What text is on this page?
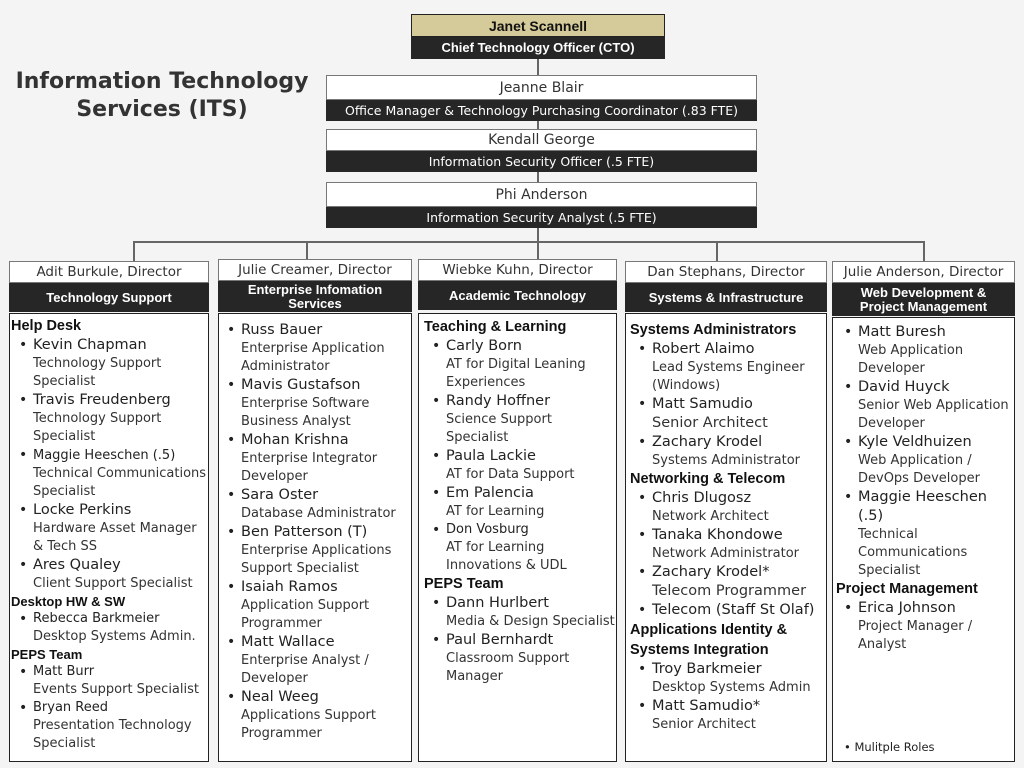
Information Technology Services (ITS)
Janet Scannell
Chief Technology Officer (CTO)
Jeanne Blair
Office Manager & Technology Purchasing Coordinator (.83 FTE)
Kendall George
Information Security Officer (.5 FTE)
Phi Anderson
Information Security Analyst (.5 FTE)
Adit Burkule, Director
Technology Support
Julie Creamer, Director
Enterprise Infomation Services
Wiebke Kuhn, Director
Academic Technology
Dan Stephans, Director
Systems & Infrastructure
Julie Anderson, Director
Web Development & Project Management
Help Desk
• Kevin Chapman
Technology Support Specialist
• Travis Freudenberg
Technology Support Specialist
• Maggie Heeschen (.5)
Technical Communications Specialist
• Locke Perkins
Hardware Asset Manager & Tech SS
• Ares Qualey
Client Support Specialist
Desktop HW & SW
• Rebecca Barkmeier
Desktop Systems Admin.
PEPS Team
• Matt Burr
Events Support Specialist
• Bryan Reed
Presentation Technology Specialist
• Russ Bauer
Enterprise Application Administrator
• Mavis Gustafson
Enterprise Software Business Analyst
• Mohan Krishna
Enterprise Integrator Developer
• Sara Oster
Database Administrator
• Ben Patterson (T)
Enterprise Applications Support Specialist
• Isaiah Ramos
Application Support Programmer
• Matt Wallace
Enterprise Analyst / Developer
• Neal Weeg
Applications Support Programmer
Teaching & Learning
• Carly Born
AT for Digital Leaning Experiences
• Randy Hoffner
Science Support Specialist
• Paula Lackie
AT for Data Support
• Em Palencia
AT for Learning
• Don Vosburg
AT for Learning Innovations & UDL
PEPS Team
• Dann Hurlbert
Media & Design Specialist
• Paul Bernhardt
Classroom Support Manager
Systems Administrators
• Robert Alaimo
Lead Systems Engineer (Windows)
• Matt Samudio
Senior Architect
• Zachary Krodel
Systems Administrator
Networking & Telecom
• Chris Dlugosz
Network Architect
• Tanaka Khondowe
Network Administrator
• Zachary Krodel*
Telecom Programmer
• Telecom (Staff St Olaf)
Applications Identity & Systems Integration
• Troy Barkmeier
Desktop Systems Admin
• Matt Samudio*
Senior Architect
• Matt Buresh
Web Application Developer
• David Huyck
Senior Web Application Developer
• Kyle Veldhuizen
Web Application / DevOps Developer
• Maggie Heeschen (.5)
Technical Communications Specialist
Project Management
• Erica Johnson
Project Manager / Analyst
• Mulitple Roles
